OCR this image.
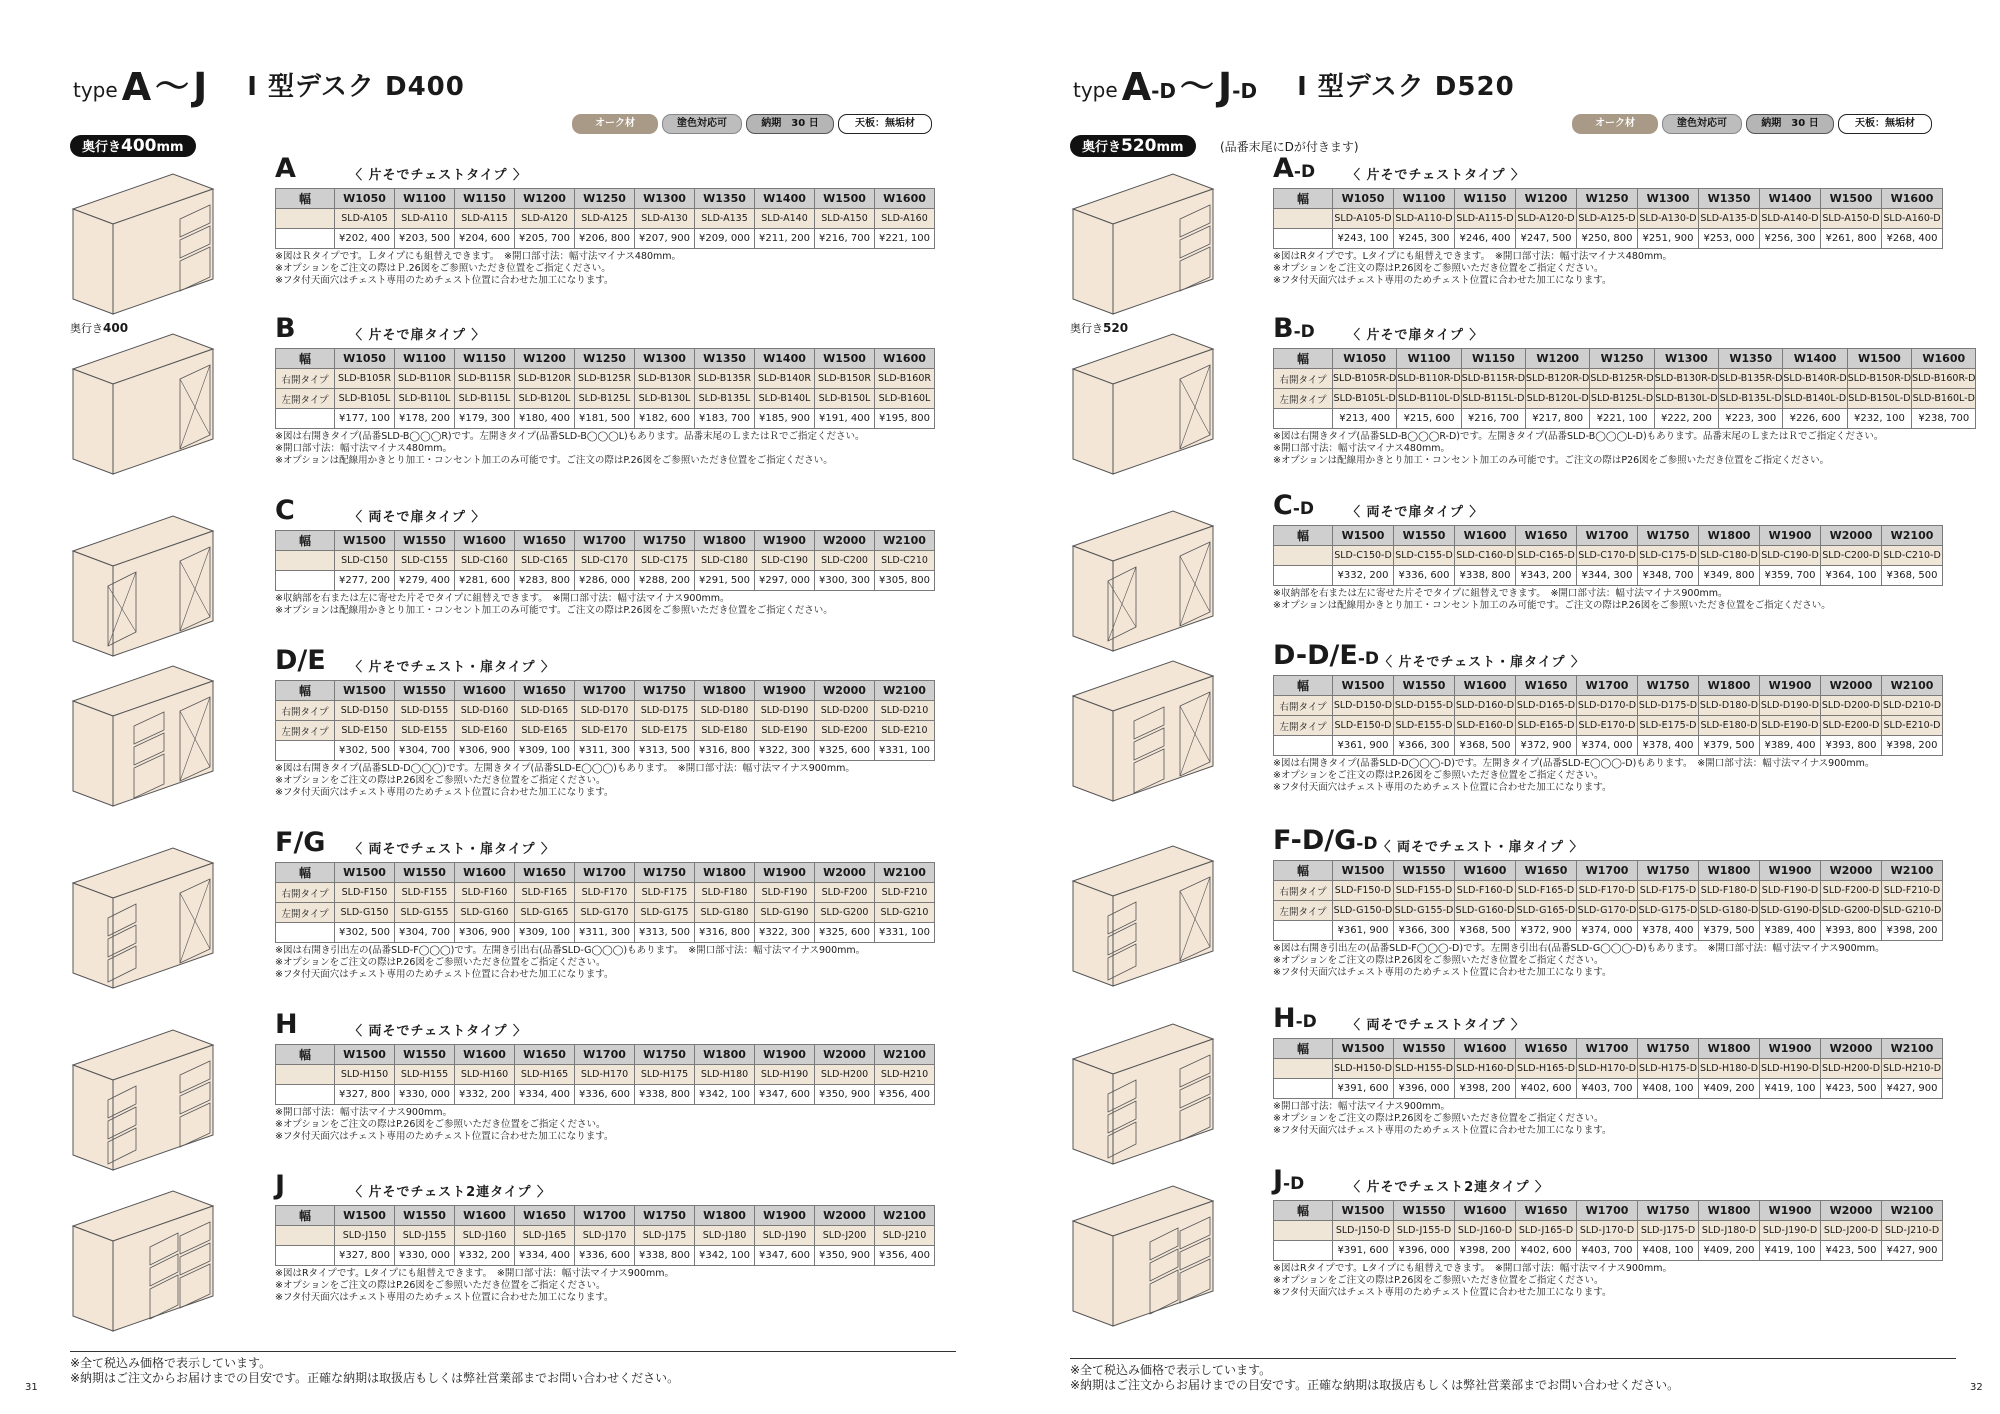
type A 〜 J I 型デスク D400
オーク材	塗色対応可	納期　30 日	天板：無垢材
奥行き400mm
奥行き400
A	〈 片そでチェストタイプ 〉
幅	W1050	W1100	W1150	W1200	W1250	W1300	W1350	W1400	W1500	W1600
	SLD-A105	SLD-A110	SLD-A115	SLD-A120	SLD-A125	SLD-A130	SLD-A135	SLD-A140	SLD-A150	SLD-A160
	¥202, 400	¥203, 500	¥204, 600	¥205, 700	¥206, 800	¥207, 900	¥209, 000	¥211, 200	¥216, 700	¥221, 100
※図はＲタイプです。Ｌタイプにも組替えできます。　※開口部寸法：幅寸法マイナス480mm。
※オプションをご注文の際はＰ.26図をご参照いただき位置をご指定ください。
※フタ付天面穴はチェスト専用のためチェスト位置に合わせた加工になります。
B	〈 片そで扉タイプ 〉
幅	W1050	W1100	W1150	W1200	W1250	W1300	W1350	W1400	W1500	W1600
右開タイプ	SLD-B105R	SLD-B110R	SLD-B115R	SLD-B120R	SLD-B125R	SLD-B130R	SLD-B135R	SLD-B140R	SLD-B150R	SLD-B160R
左開タイプ	SLD-B105L	SLD-B110L	SLD-B115L	SLD-B120L	SLD-B125L	SLD-B130L	SLD-B135L	SLD-B140L	SLD-B150L	SLD-B160L
	¥177, 100	¥178, 200	¥179, 300	¥180, 400	¥181, 500	¥182, 600	¥183, 700	¥185, 900	¥191, 400	¥195, 800
※図は右開きタイプ(品番SLD-B◯◯◯R)です。左開きタイプ(品番SLD-B◯◯◯L)もあります。品番末尾のＬまたはＲでご指定ください。
※開口部寸法：幅寸法マイナス480mm。
※オプションは配線用かきとり加工・コンセント加工のみ可能です。ご注文の際はP.26図をご参照いただき位置をご指定ください。
C	〈 両そで扉タイプ 〉
幅	W1500	W1550	W1600	W1650	W1700	W1750	W1800	W1900	W2000	W2100
	SLD-C150	SLD-C155	SLD-C160	SLD-C165	SLD-C170	SLD-C175	SLD-C180	SLD-C190	SLD-C200	SLD-C210
	¥277, 200	¥279, 400	¥281, 600	¥283, 800	¥286, 000	¥288, 200	¥291, 500	¥297, 000	¥300, 300	¥305, 800
※収納部を右または左に寄せた片そでタイプに組替えできます。　※開口部寸法：幅寸法マイナス900mm。
※オプションは配線用かきとり加工・コンセント加工のみ可能です。ご注文の際はP.26図をご参照いただき位置をご指定ください。
D/E	〈 片そでチェスト・扉タイプ 〉
幅	W1500	W1550	W1600	W1650	W1700	W1750	W1800	W1900	W2000	W2100
右開タイプ	SLD-D150	SLD-D155	SLD-D160	SLD-D165	SLD-D170	SLD-D175	SLD-D180	SLD-D190	SLD-D200	SLD-D210
左開タイプ	SLD-E150	SLD-E155	SLD-E160	SLD-E165	SLD-E170	SLD-E175	SLD-E180	SLD-E190	SLD-E200	SLD-E210
	¥302, 500	¥304, 700	¥306, 900	¥309, 100	¥311, 300	¥313, 500	¥316, 800	¥322, 300	¥325, 600	¥331, 100
※図は右開きタイプ(品番SLD-D◯◯◯)です。左開きタイプ(品番SLD-E◯◯◯)もあります。　※開口部寸法：幅寸法マイナス900mm。
※オプションをご注文の際はP.26図をご参照いただき位置をご指定ください。
※フタ付天面穴はチェスト専用のためチェスト位置に合わせた加工になります。
F/G	〈 両そでチェスト・扉タイプ 〉
幅	W1500	W1550	W1600	W1650	W1700	W1750	W1800	W1900	W2000	W2100
右開タイプ	SLD-F150	SLD-F155	SLD-F160	SLD-F165	SLD-F170	SLD-F175	SLD-F180	SLD-F190	SLD-F200	SLD-F210
左開タイプ	SLD-G150	SLD-G155	SLD-G160	SLD-G165	SLD-G170	SLD-G175	SLD-G180	SLD-G190	SLD-G200	SLD-G210
	¥302, 500	¥304, 700	¥306, 900	¥309, 100	¥311, 300	¥313, 500	¥316, 800	¥322, 300	¥325, 600	¥331, 100
※図は右開き引出左の(品番SLD-F◯◯◯)です。左開き引出右(品番SLD-G◯◯◯)もあります。　※開口部寸法：幅寸法マイナス900mm。
※オプションをご注文の際はP.26図をご参照いただき位置をご指定ください。
※フタ付天面穴はチェスト専用のためチェスト位置に合わせた加工になります。
H	〈 両そでチェストタイプ 〉
幅	W1500	W1550	W1600	W1650	W1700	W1750	W1800	W1900	W2000	W2100
	SLD-H150	SLD-H155	SLD-H160	SLD-H165	SLD-H170	SLD-H175	SLD-H180	SLD-H190	SLD-H200	SLD-H210
	¥327, 800	¥330, 000	¥332, 200	¥334, 400	¥336, 600	¥338, 800	¥342, 100	¥347, 600	¥350, 900	¥356, 400
※開口部寸法：幅寸法マイナス900mm。
※オプションをご注文の際はP.26図をご参照いただき位置をご指定ください。
※フタ付天面穴はチェスト専用のためチェスト位置に合わせた加工になります。
J	〈 片そでチェスト2連タイプ 〉
幅	W1500	W1550	W1600	W1650	W1700	W1750	W1800	W1900	W2000	W2100
	SLD-J150	SLD-J155	SLD-J160	SLD-J165	SLD-J170	SLD-J175	SLD-J180	SLD-J190	SLD-J200	SLD-J210
	¥327, 800	¥330, 000	¥332, 200	¥334, 400	¥336, 600	¥338, 800	¥342, 100	¥347, 600	¥350, 900	¥356, 400
※図はRタイプです。Lタイプにも組替えできます。　※開口部寸法：幅寸法マイナス900mm。
※オプションをご注文の際はP.26図をご参照いただき位置をご指定ください。
※フタ付天面穴はチェスト専用のためチェスト位置に合わせた加工になります。
※全て税込み価格で表示しています。
※納期はご注文からお届けまでの目安です。正確な納期は取扱店もしくは弊社営業部までお問い合わせください。
31
type A -D 〜 J -D I 型デスク D520
オーク材	塗色対応可	納期　30 日	天板：無垢材
奥行き520mm	(品番末尾にDが付きます)
奥行き520
A-D	〈 片そでチェストタイプ 〉
幅	W1050	W1100	W1150	W1200	W1250	W1300	W1350	W1400	W1500	W1600
	SLD-A105-D	SLD-A110-D	SLD-A115-D	SLD-A120-D	SLD-A125-D	SLD-A130-D	SLD-A135-D	SLD-A140-D	SLD-A150-D	SLD-A160-D
	¥243, 100	¥245, 300	¥246, 400	¥247, 500	¥250, 800	¥251, 900	¥253, 000	¥256, 300	¥261, 800	¥268, 400
※図はRタイプです。Lタイプにも組替えできます。　※開口部寸法：幅寸法マイナス480mm。
※オプションをご注文の際はP.26図をご参照いただき位置をご指定ください。
※フタ付天面穴はチェスト専用のためチェスト位置に合わせた加工になります。
B-D	〈 片そで扉タイプ 〉
幅	W1050	W1100	W1150	W1200	W1250	W1300	W1350	W1400	W1500	W1600
右開タイプ	SLD-B105R-D	SLD-B110R-D	SLD-B115R-D	SLD-B120R-D	SLD-B125R-D	SLD-B130R-D	SLD-B135R-D	SLD-B140R-D	SLD-B150R-D	SLD-B160R-D
左開タイプ	SLD-B105L-D	SLD-B110L-D	SLD-B115L-D	SLD-B120L-D	SLD-B125L-D	SLD-B130L-D	SLD-B135L-D	SLD-B140L-D	SLD-B150L-D	SLD-B160L-D
	¥213, 400	¥215, 600	¥216, 700	¥217, 800	¥221, 100	¥222, 200	¥223, 300	¥226, 600	¥232, 100	¥238, 700
※図は右開きタイプ(品番SLD-B◯◯◯R-D)です。左開きタイプ(品番SLD-B◯◯◯L-D)もあります。品番末尾のＬまたはＲでご指定ください。
※開口部寸法：幅寸法マイナス480mm。
※オプションは配線用かきとり加工・コンセント加工のみ可能です。ご注文の際はP26図をご参照いただき位置をご指定ください。
C-D	〈 両そで扉タイプ 〉
幅	W1500	W1550	W1600	W1650	W1700	W1750	W1800	W1900	W2000	W2100
	SLD-C150-D	SLD-C155-D	SLD-C160-D	SLD-C165-D	SLD-C170-D	SLD-C175-D	SLD-C180-D	SLD-C190-D	SLD-C200-D	SLD-C210-D
	¥332, 200	¥336, 600	¥338, 800	¥343, 200	¥344, 300	¥348, 700	¥349, 800	¥359, 700	¥364, 100	¥368, 500
※収納部を右または左に寄せた片そでタイプに組替えできます。　※開口部寸法：幅寸法マイナス900mm。
※オプションは配線用かきとり加工・コンセント加工のみ可能です。ご注文の際はP.26図をご参照いただき位置をご指定ください。
D-D/E-D 〈 片そでチェスト・扉タイプ 〉
幅	W1500	W1550	W1600	W1650	W1700	W1750	W1800	W1900	W2000	W2100
右開タイプ	SLD-D150-D	SLD-D155-D	SLD-D160-D	SLD-D165-D	SLD-D170-D	SLD-D175-D	SLD-D180-D	SLD-D190-D	SLD-D200-D	SLD-D210-D
左開タイプ	SLD-E150-D	SLD-E155-D	SLD-E160-D	SLD-E165-D	SLD-E170-D	SLD-E175-D	SLD-E180-D	SLD-E190-D	SLD-E200-D	SLD-E210-D
	¥361, 900	¥366, 300	¥368, 500	¥372, 900	¥374, 000	¥378, 400	¥379, 500	¥389, 400	¥393, 800	¥398, 200
※図は右開きタイプ(品番SLD-D◯◯◯-D)です。左開きタイプ(品番SLD-E◯◯◯-D)もあります。　※開口部寸法：幅寸法マイナス900mm。
※オプションをご注文の際はP.26図をご参照いただき位置をご指定ください。
※フタ付天面穴はチェスト専用のためチェスト位置に合わせた加工になります。
F-D/G-D 〈 両そでチェスト・扉タイプ 〉
幅	W1500	W1550	W1600	W1650	W1700	W1750	W1800	W1900	W2000	W2100
右開タイプ	SLD-F150-D	SLD-F155-D	SLD-F160-D	SLD-F165-D	SLD-F170-D	SLD-F175-D	SLD-F180-D	SLD-F190-D	SLD-F200-D	SLD-F210-D
左開タイプ	SLD-G150-D	SLD-G155-D	SLD-G160-D	SLD-G165-D	SLD-G170-D	SLD-G175-D	SLD-G180-D	SLD-G190-D	SLD-G200-D	SLD-G210-D
	¥361, 900	¥366, 300	¥368, 500	¥372, 900	¥374, 000	¥378, 400	¥379, 500	¥389, 400	¥393, 800	¥398, 200
※図は右開き引出左の(品番SLD-F◯◯◯-D)です。左開き引出右(品番SLD-G◯◯◯-D)もあります。　※開口部寸法：幅寸法マイナス900mm。
※オプションをご注文の際はP.26図をご参照いただき位置をご指定ください。
※フタ付天面穴はチェスト専用のためチェスト位置に合わせた加工になります。
H-D	〈 両そでチェストタイプ 〉
幅	W1500	W1550	W1600	W1650	W1700	W1750	W1800	W1900	W2000	W2100
	SLD-H150-D	SLD-H155-D	SLD-H160-D	SLD-H165-D	SLD-H170-D	SLD-H175-D	SLD-H180-D	SLD-H190-D	SLD-H200-D	SLD-H210-D
	¥391, 600	¥396, 000	¥398, 200	¥402, 600	¥403, 700	¥408, 100	¥409, 200	¥419, 100	¥423, 500	¥427, 900
※開口部寸法：幅寸法マイナス900mm。
※オプションをご注文の際はP.26図をご参照いただき位置をご指定ください。
※フタ付天面穴はチェスト専用のためチェスト位置に合わせた加工になります。
J-D	〈 片そでチェスト2連タイプ 〉
幅	W1500	W1550	W1600	W1650	W1700	W1750	W1800	W1900	W2000	W2100
	SLD-J150-D	SLD-J155-D	SLD-J160-D	SLD-J165-D	SLD-J170-D	SLD-J175-D	SLD-J180-D	SLD-J190-D	SLD-J200-D	SLD-J210-D
	¥391, 600	¥396, 000	¥398, 200	¥402, 600	¥403, 700	¥408, 100	¥409, 200	¥419, 100	¥423, 500	¥427, 900
※図はRタイプです。Lタイプにも組替えできます。　※開口部寸法：幅寸法マイナス900mm。
※オプションをご注文の際はP.26図をご参照いただき位置をご指定ください。
※フタ付天面穴はチェスト専用のためチェスト位置に合わせた加工になります。
※全て税込み価格で表示しています。
※納期はご注文からお届けまでの目安です。正確な納期は取扱店もしくは弊社営業部までお問い合わせください。	32
